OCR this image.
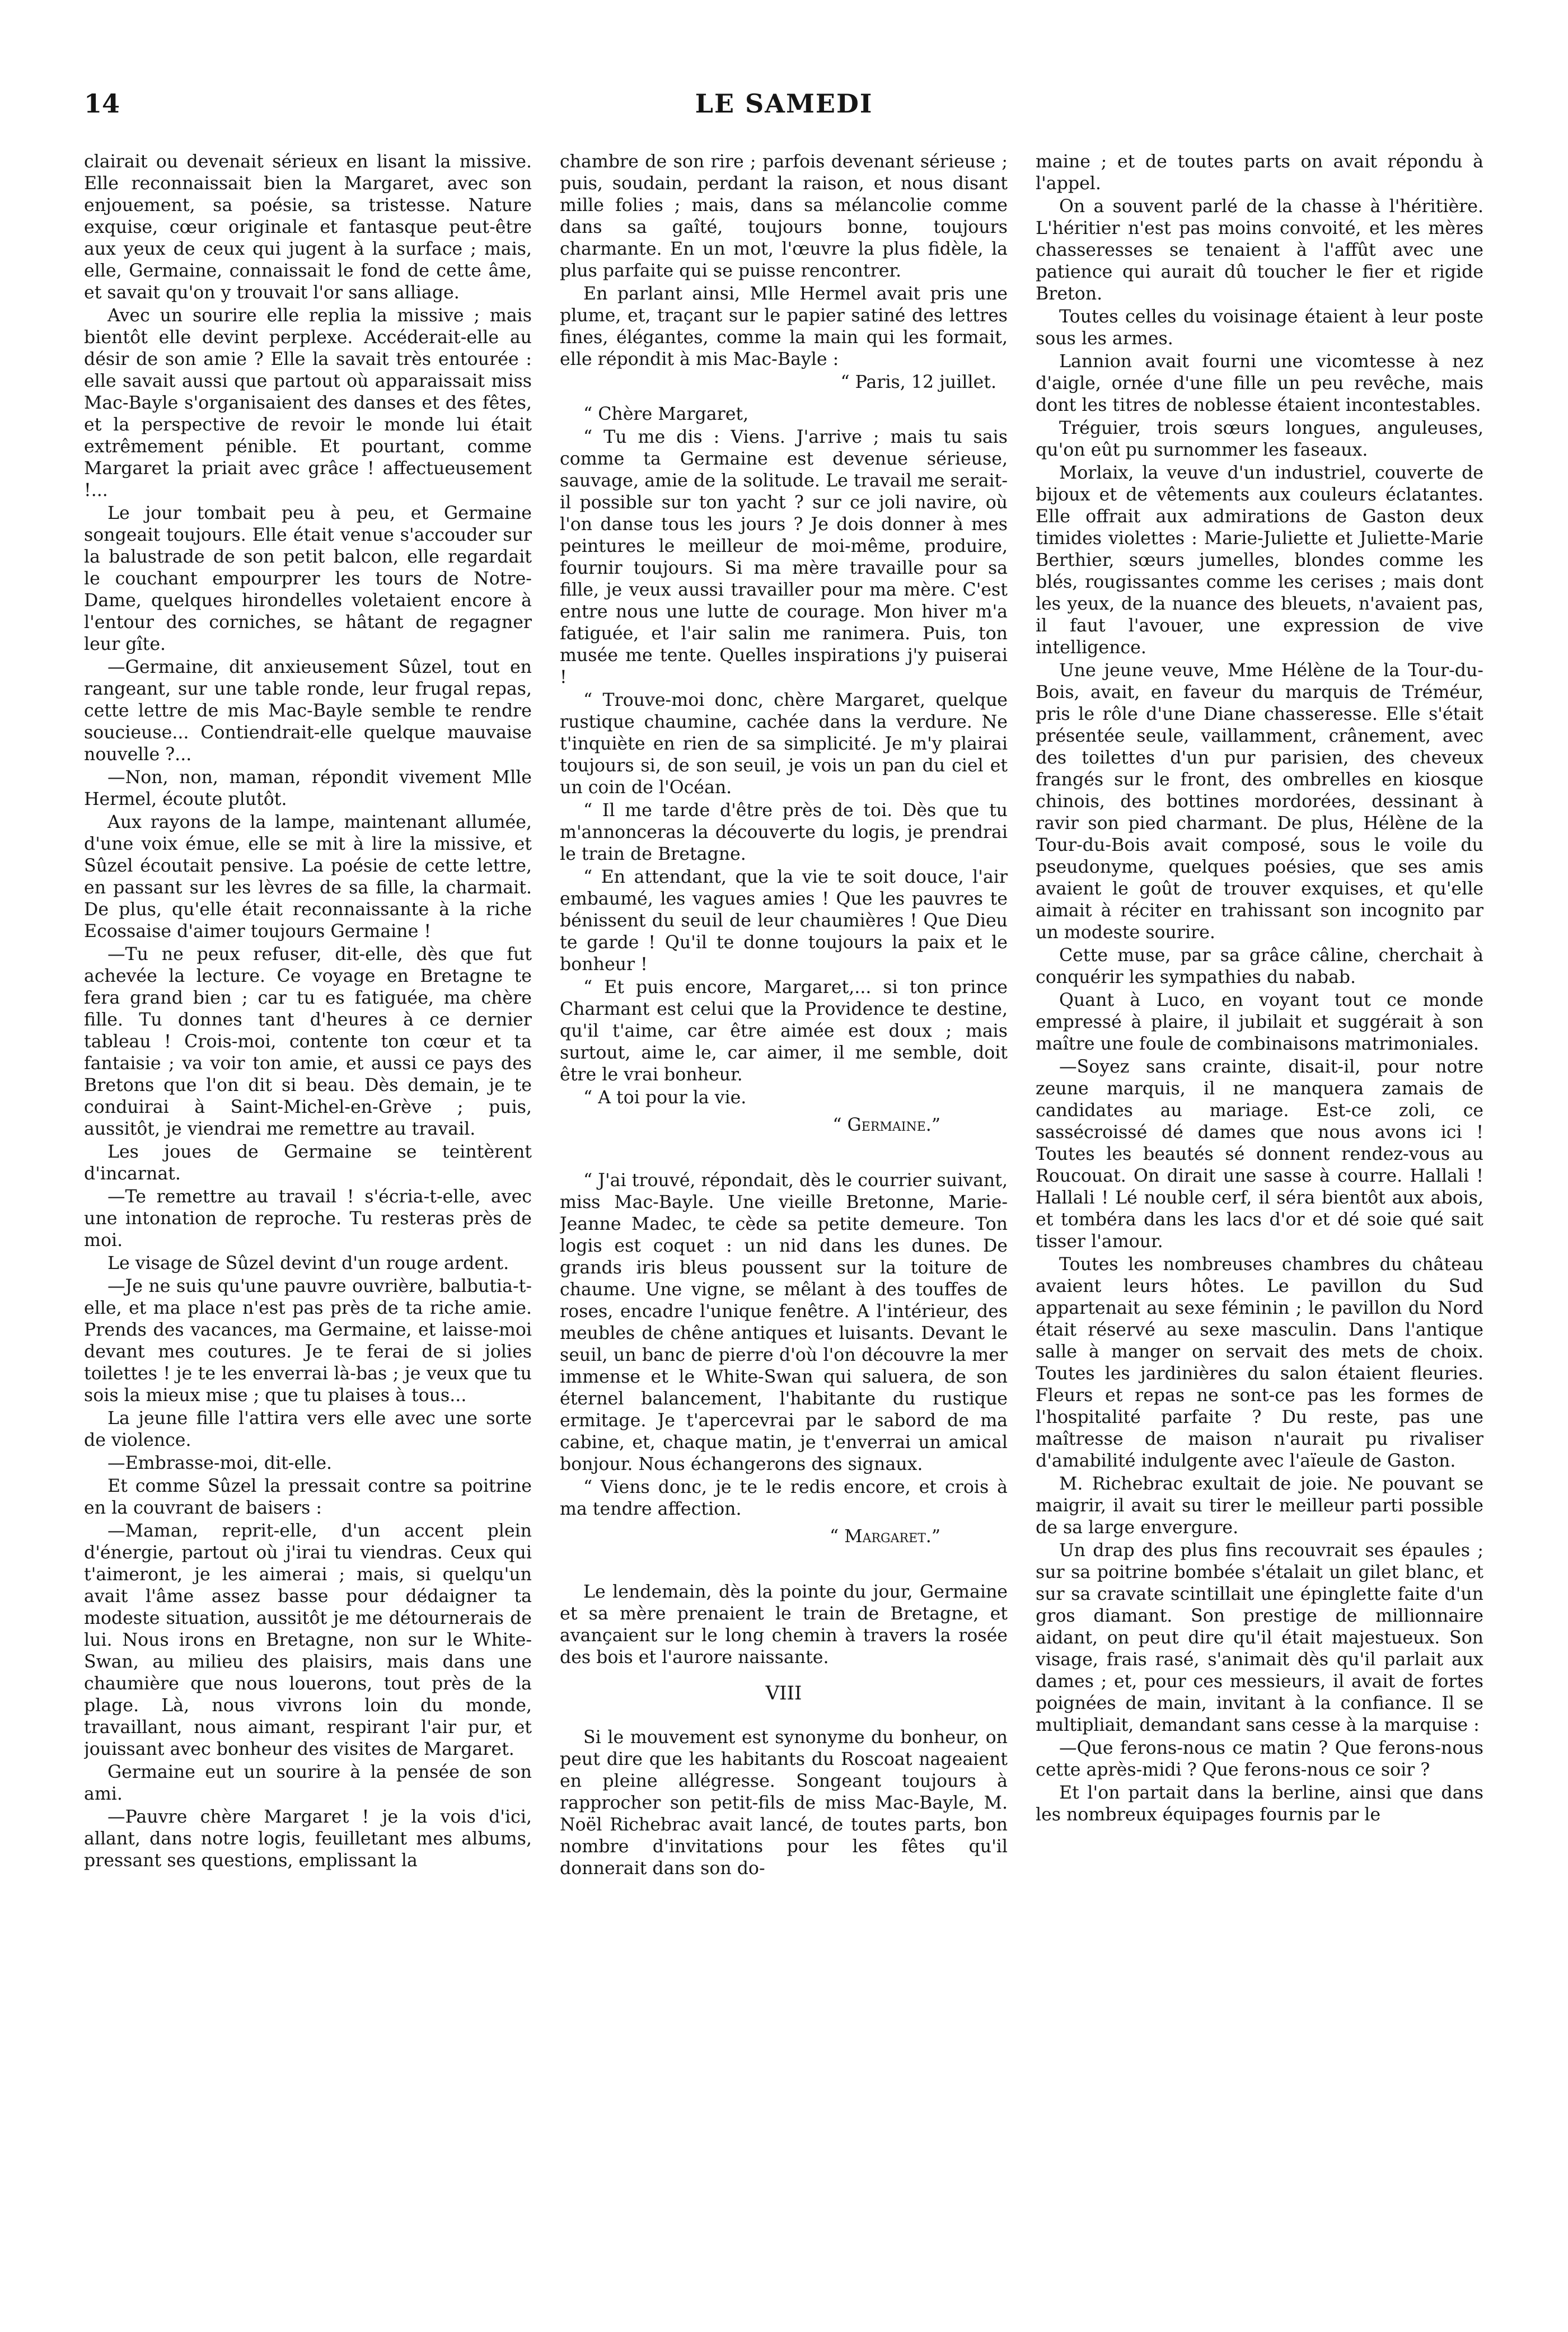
14	LE SAMEDI

clairait ou devenait sérieux en lisant la missive. Elle reconnaissait bien la Margaret, avec son enjouement, sa poésie, sa tristesse. Nature exquise, cœur originale et fantasque peut-être aux yeux de ceux qui jugent à la surface ; mais, elle, Germaine, connaissait le fond de cette âme, et savait qu'on y trouvait l'or sans alliage.

Avec un sourire elle replia la missive ; mais bientôt elle devint perplexe. Accéderait-elle au désir de son amie ? Elle la savait très entourée : elle savait aussi que partout où apparaissait miss Mac-Bayle s'organisaient des danses et des fêtes, et la perspective de revoir le monde lui était extrêmement pénible. Et pourtant, comme Margaret la priait avec grâce ! affectueusement !...

Le jour tombait peu à peu, et Germaine songeait toujours. Elle était venue s'accouder sur la balustrade de son petit balcon, elle regardait le couchant empourprer les tours de Notre-Dame, quelques hirondelles voletaient encore à l'entour des corniches, se hâtant de regagner leur gîte.

—Germaine, dit anxieusement Sûzel, tout en rangeant, sur une table ronde, leur frugal repas, cette lettre de mis Mac-Bayle semble te rendre soucieuse... Contiendrait-elle quelque mauvaise nouvelle ?...

—Non, non, maman, répondit vivement Mlle Hermel, écoute plutôt.

Aux rayons de la lampe, maintenant allumée, d'une voix émue, elle se mit à lire la missive, et Sûzel écoutait pensive. La poésie de cette lettre, en passant sur les lèvres de sa fille, la charmait. De plus, qu'elle était reconnaissante à la riche Ecossaise d'aimer toujours Germaine !

—Tu ne peux refuser, dit-elle, dès que fut achevée la lecture. Ce voyage en Bretagne te fera grand bien ; car tu es fatiguée, ma chère fille. Tu donnes tant d'heures à ce dernier tableau ! Crois-moi, contente ton cœur et ta fantaisie ; va voir ton amie, et aussi ce pays des Bretons que l'on dit si beau. Dès demain, je te conduirai à Saint-Michel-en-Grève ; puis, aussitôt, je viendrai me remettre au travail.

Les joues de Germaine se teintèrent d'incarnat.

—Te remettre au travail ! s'écria-t-elle, avec une intonation de reproche. Tu resteras près de moi.

Le visage de Sûzel devint d'un rouge ardent.

—Je ne suis qu'une pauvre ouvrière, balbutia-t-elle, et ma place n'est pas près de ta riche amie. Prends des vacances, ma Germaine, et laisse-moi devant mes coutures. Je te ferai de si jolies toilettes ! je te les enverrai là-bas ; je veux que tu sois la mieux mise ; que tu plaises à tous...

La jeune fille l'attira vers elle avec une sorte de violence.

—Embrasse-moi, dit-elle.

Et comme Sûzel la pressait contre sa poitrine en la couvrant de baisers :

—Maman, reprit-elle, d'un accent plein d'énergie, partout où j'irai tu viendras. Ceux qui t'aimeront, je les aimerai ; mais, si quelqu'un avait l'âme assez basse pour dédaigner ta modeste situation, aussitôt je me détournerais de lui. Nous irons en Bretagne, non sur le White-Swan, au milieu des plaisirs, mais dans une chaumière que nous louerons, tout près de la plage. Là, nous vivrons loin du monde, travaillant, nous aimant, respirant l'air pur, et jouissant avec bonheur des visites de Margaret.

Germaine eut un sourire à la pensée de son ami.

—Pauvre chère Margaret ! je la vois d'ici, allant, dans notre logis, feuilletant mes albums, pressant ses questions, emplissant la

chambre de son rire ; parfois devenant sérieuse ; puis, soudain, perdant la raison, et nous disant mille folies ; mais, dans sa mélancolie comme dans sa gaîté, toujours bonne, toujours charmante. En un mot, l'œuvre la plus fidèle, la plus parfaite qui se puisse rencontrer.

En parlant ainsi, Mlle Hermel avait pris une plume, et, traçant sur le papier satiné des lettres fines, élégantes, comme la main qui les formait, elle répondit à mis Mac-Bayle :

“ Paris, 12 juillet.

“ Chère Margaret,

“ Tu me dis : Viens. J'arrive ; mais tu sais comme ta Germaine est devenue sérieuse, sauvage, amie de la solitude. Le travail me serait-il possible sur ton yacht ? sur ce joli navire, où l'on danse tous les jours ? Je dois donner à mes peintures le meilleur de moi-même, produire, fournir toujours. Si ma mère travaille pour sa fille, je veux aussi travailler pour ma mère. C'est entre nous une lutte de courage. Mon hiver m'a fatiguée, et l'air salin me ranimera. Puis, ton musée me tente. Quelles inspirations j'y puiserai !

“ Trouve-moi donc, chère Margaret, quelque rustique chaumine, cachée dans la verdure. Ne t'inquiète en rien de sa simplicité. Je m'y plairai toujours si, de son seuil, je vois un pan du ciel et un coin de l'Océan.

“ Il me tarde d'être près de toi. Dès que tu m'annonceras la découverte du logis, je prendrai le train de Bretagne.

“ En attendant, que la vie te soit douce, l'air embaumé, les vagues amies ! Que les pauvres te bénissent du seuil de leur chaumières ! Que Dieu te garde ! Qu'il te donne toujours la paix et le bonheur !

“ Et puis encore, Margaret,... si ton prince Charmant est celui que la Providence te destine, qu'il t'aime, car être aimée est doux ; mais surtout, aime le, car aimer, il me semble, doit être le vrai bonheur.

“ A toi pour la vie.

“ Germaine.”

“ J'ai trouvé, répondait, dès le courrier suivant, miss Mac-Bayle. Une vieille Bretonne, Marie-Jeanne Madec, te cède sa petite demeure. Ton logis est coquet : un nid dans les dunes. De grands iris bleus poussent sur la toiture de chaume. Une vigne, se mêlant à des touffes de roses, encadre l'unique fenêtre. A l'intérieur, des meubles de chêne antiques et luisants. Devant le seuil, un banc de pierre d'où l'on découvre la mer immense et le White-Swan qui saluera, de son éternel balancement, l'habitante du rustique ermitage. Je t'apercevrai par le sabord de ma cabine, et, chaque matin, je t'enverrai un amical bonjour. Nous échangerons des signaux.

“ Viens donc, je te le redis encore, et crois à ma tendre affection.

“ Margaret.”

Le lendemain, dès la pointe du jour, Germaine et sa mère prenaient le train de Bretagne, et avançaient sur le long chemin à travers la rosée des bois et l'aurore naissante.

VIII

Si le mouvement est synonyme du bonheur, on peut dire que les habitants du Roscoat nageaient en pleine allégresse. Songeant toujours à rapprocher son petit-fils de miss Mac-Bayle, M. Noël Richebrac avait lancé, de toutes parts, bon nombre d'invitations pour les fêtes qu'il donnerait dans son do-

maine ; et de toutes parts on avait répondu à l'appel.

On a souvent parlé de la chasse à l'héritière. L'héritier n'est pas moins convoité, et les mères chasseresses se tenaient à l'affût avec une patience qui aurait dû toucher le fier et rigide Breton.

Toutes celles du voisinage étaient à leur poste sous les armes.

Lannion avait fourni une vicomtesse à nez d'aigle, ornée d'une fille un peu revêche, mais dont les titres de noblesse étaient incontestables.

Tréguier, trois sœurs longues, anguleuses, qu'on eût pu surnommer les faseaux.

Morlaix, la veuve d'un industriel, couverte de bijoux et de vêtements aux couleurs éclatantes. Elle offrait aux admirations de Gaston deux timides violettes : Marie-Juliette et Juliette-Marie Berthier, sœurs jumelles, blondes comme les blés, rougissantes comme les cerises ; mais dont les yeux, de la nuance des bleuets, n'avaient pas, il faut l'avouer, une expression de vive intelligence.

Une jeune veuve, Mme Hélène de la Tour-du-Bois, avait, en faveur du marquis de Tréméur, pris le rôle d'une Diane chasseresse. Elle s'était présentée seule, vaillamment, crânement, avec des toilettes d'un pur parisien, des cheveux frangés sur le front, des ombrelles en kiosque chinois, des bottines mordorées, dessinant à ravir son pied charmant. De plus, Hélène de la Tour-du-Bois avait composé, sous le voile du pseudonyme, quelques poésies, que ses amis avaient le goût de trouver exquises, et qu'elle aimait à réciter en trahissant son incognito par un modeste sourire.

Cette muse, par sa grâce câline, cherchait à conquérir les sympathies du nabab.

Quant à Luco, en voyant tout ce monde empressé à plaire, il jubilait et suggérait à son maître une foule de combinaisons matrimoniales.

—Soyez sans crainte, disait-il, pour notre zeune marquis, il ne manquera zamais de candidates au mariage. Est-ce zoli, ce sassécroissé dé dames que nous avons ici ! Toutes les beautés sé donnent rendez-vous au Roucouat. On dirait une sasse à courre. Hallali ! Hallali ! Lé nouble cerf, il séra bientôt aux abois, et tombéra dans les lacs d'or et dé soie qué sait tisser l'amour.

Toutes les nombreuses chambres du château avaient leurs hôtes. Le pavillon du Sud appartenait au sexe féminin ; le pavillon du Nord était réservé au sexe masculin. Dans l'antique salle à manger on servait des mets de choix. Toutes les jardinières du salon étaient fleuries. Fleurs et repas ne sont-ce pas les formes de l'hospitalité parfaite ? Du reste, pas une maîtresse de maison n'aurait pu rivaliser d'amabilité indulgente avec l'aïeule de Gaston.

M. Richebrac exultait de joie. Ne pouvant se maigrir, il avait su tirer le meilleur parti possible de sa large envergure.

Un drap des plus fins recouvrait ses épaules ; sur sa poitrine bombée s'étalait un gilet blanc, et sur sa cravate scintillait une épinglette faite d'un gros diamant. Son prestige de millionnaire aidant, on peut dire qu'il était majestueux. Son visage, frais rasé, s'animait dès qu'il parlait aux dames ; et, pour ces messieurs, il avait de fortes poignées de main, invitant à la confiance. Il se multipliait, demandant sans cesse à la marquise :

—Que ferons-nous ce matin ? Que ferons-nous cette après-midi ? Que ferons-nous ce soir ?

Et l'on partait dans la berline, ainsi que dans les nombreux équipages fournis par le
